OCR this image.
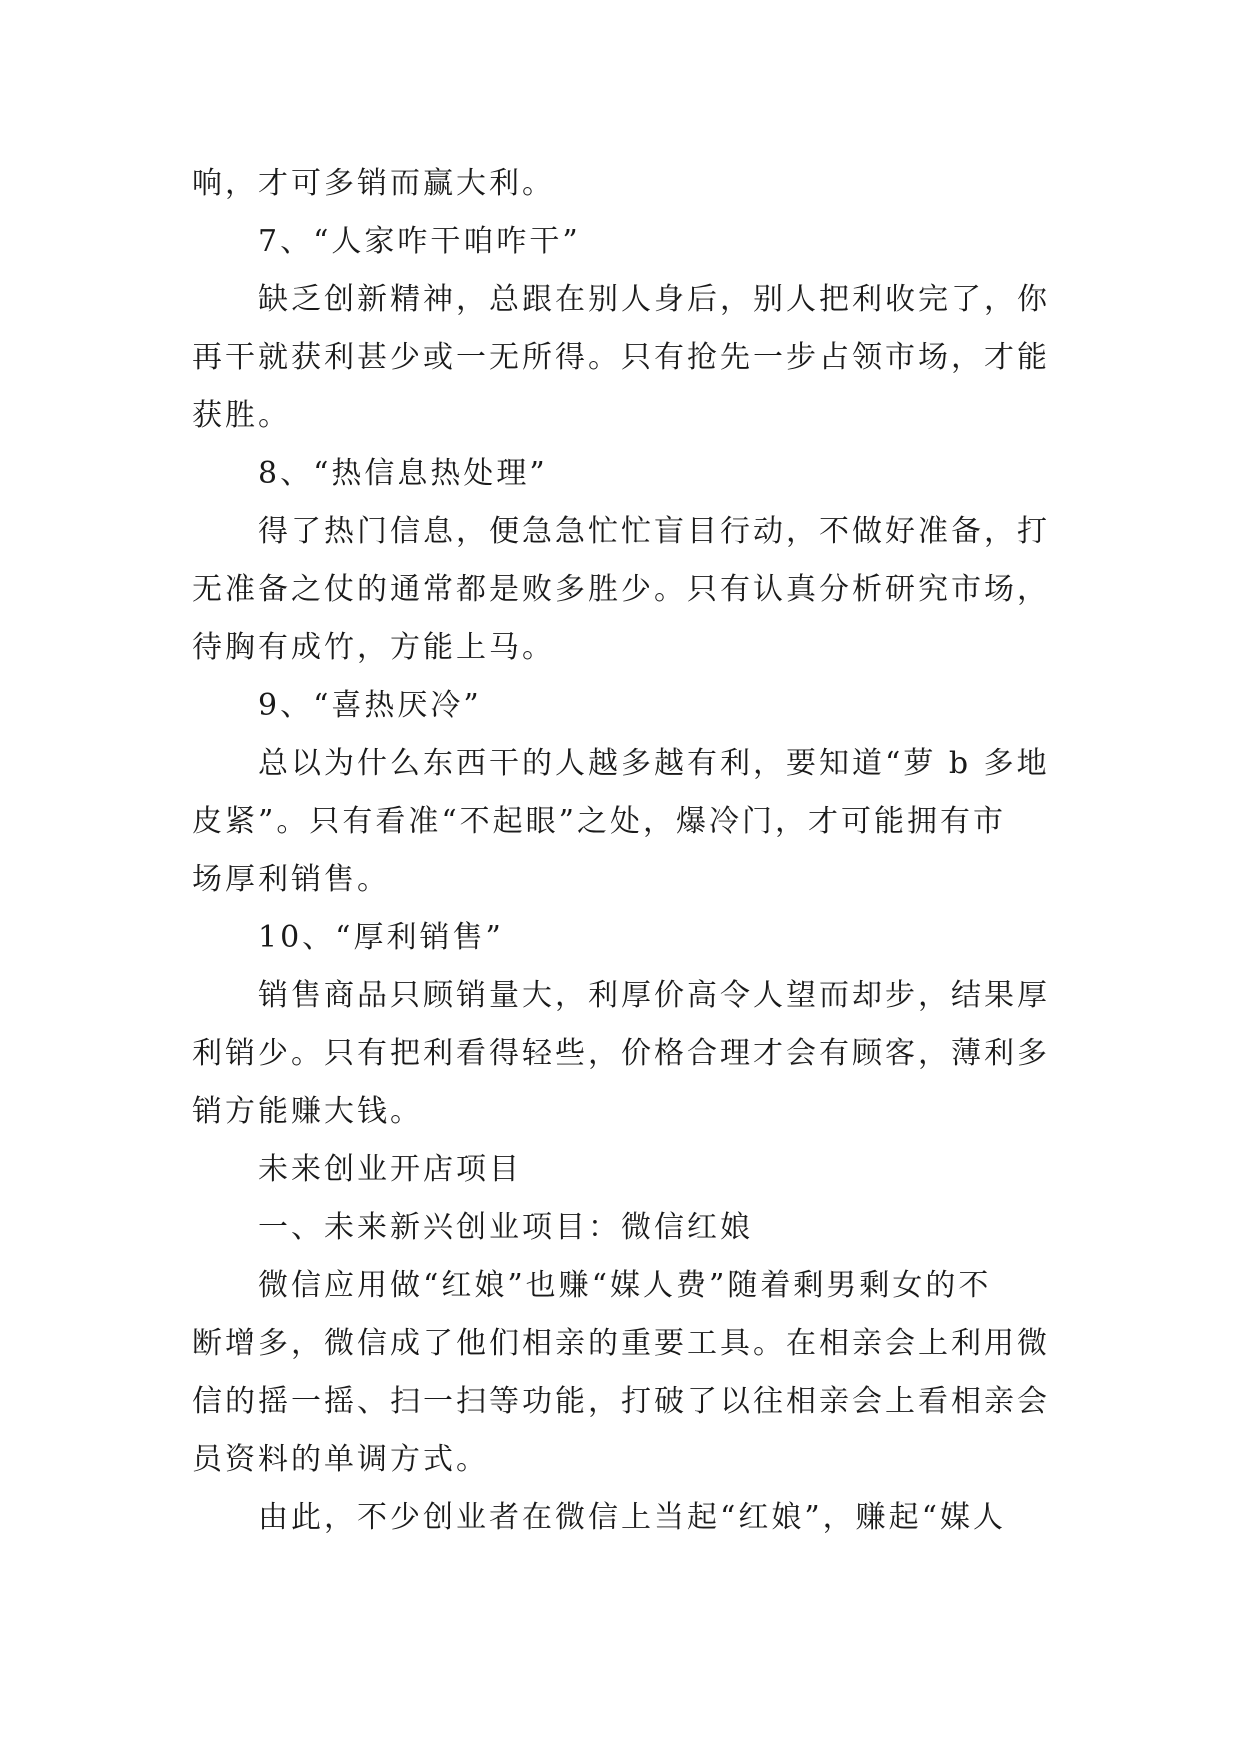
响，才可多销而赢大利。
7、“人家咋干咱咋干”
缺乏创新精神，总跟在别人身后，别人把利收完了，你
再干就获利甚少或一无所得。只有抢先一步占领市场，才能
获胜。
8、“热信息热处理”
得了热门信息，便急急忙忙盲目行动，不做好准备，打
无准备之仗的通常都是败多胜少。只有认真分析研究市场，
待胸有成竹，方能上马。
9、“喜热厌冷”
总以为什么东西干的人越多越有利，要知道“萝 b 多地
皮紧”。只有看准“不起眼”之处，爆冷门，才可能拥有市
场厚利销售。
10、“厚利销售”
销售商品只顾销量大，利厚价高令人望而却步，结果厚
利销少。只有把利看得轻些，价格合理才会有顾客，薄利多
销方能赚大钱。
未来创业开店项目
一、未来新兴创业项目：微信红娘
微信应用做“红娘”也赚“媒人费”随着剩男剩女的不
断增多，微信成了他们相亲的重要工具。在相亲会上利用微
信的摇一摇、扫一扫等功能，打破了以往相亲会上看相亲会
员资料的单调方式。
由此，不少创业者在微信上当起“红娘”，赚起“媒人
